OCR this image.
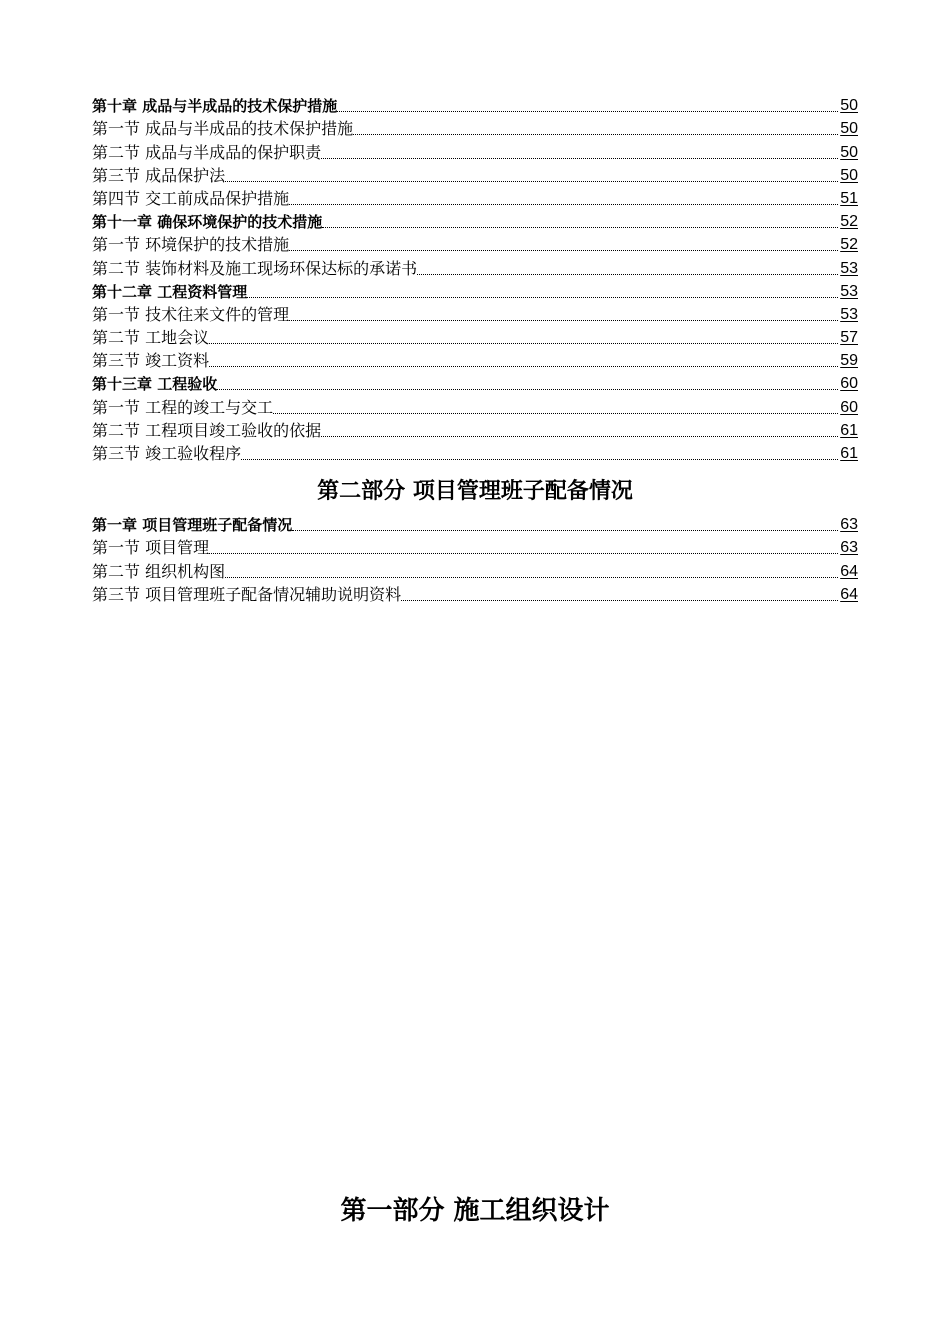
第十章 成品与半成品的技术保护措施	50
第一节 成品与半成品的技术保护措施	50
第二节 成品与半成品的保护职责	50
第三节 成品保护法	50
第四节 交工前成品保护措施	51
第十一章 确保环境保护的技术措施	52
第一节 环境保护的技术措施	52
第二节 装饰材料及施工现场环保达标的承诺书	53
第十二章 工程资料管理	53
第一节 技术往来文件的管理	53
第二节 工地会议	57
第三节 竣工资料	59
第十三章 工程验收	60
第一节 工程的竣工与交工	60
第二节 工程项目竣工验收的依据	61
第三节 竣工验收程序	61
第二部分 项目管理班子配备情况
第一章 项目管理班子配备情况	63
第一节 项目管理	63
第二节 组织机构图	64
第三节 项目管理班子配备情况辅助说明资料	64
第一部分 施工组织设计
